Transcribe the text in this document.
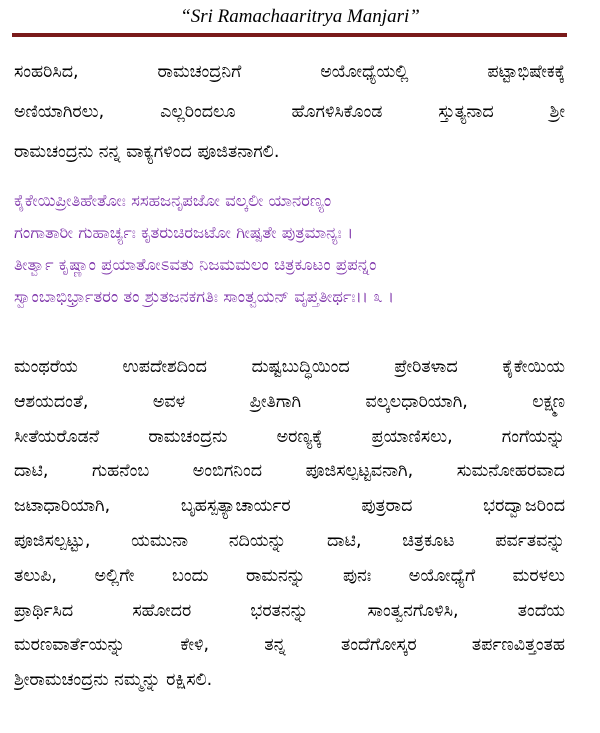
“Sri Ramachaaritrya Manjari”
ಸಂಹರಿಸಿದ, ರಾಮಚಂದ್ರನಿಗೆ ಅಯೋಧ್ಯೆಯಲ್ಲಿ ಪಟ್ಟಾಭಿಷೇಕಕ್ಕೆ
ಅಣಿಯಾಗಿರಲು, ಎಲ್ಲರಿಂದಲೂ ಹೊಗಳಿಸಿಕೊಂಡ ಸ್ತುತ್ಯನಾದ ಶ್ರೀ
ರಾಮಚಂದ್ರನು ನನ್ನ ವಾಕ್ಯಗಳಿಂದ ಪೂಜಿತನಾಗಲಿ.
ಕೈಕೇಯಿಪ್ರೀತಿಹೇತೋಃ ಸಸಹಜನೃಪಜೋ ವಲ್ಕಲೀ ಯಾನರಣ್ಯಂ
ಗಂಗಾತಾರೀ ಗುಹಾರ್ಚ್ಯಃ ಕೃತರುಚಿರಜಟೋ ಗೀಷ್ಪತೇ ಪುತ್ರಮಾನ್ಯಃ ।
ತೀರ್ತ್ವಾ ಕೃಷ್ಣಾಂ ಪ್ರಯಾತೋಽವತು ನಿಜಮಮಲಂ ಚಿತ್ರಕೂಟಂ ಪ್ರಪನ್ನಂ
ಸ್ವಾಂಬಾಭಿರ್ಭ್ರಾತರಂ ತಂ ಶ್ರುತಜನಕಗತಿಃ ಸಾಂತ್ವಯನ್ ವೃಪ್ತತೀರ್ಥಃ।। ೩ ।
ಮಂಥರೆಯ ಉಪದೇಶದಿಂದ ದುಷ್ಟಬುದ್ಧಿಯಿಂದ ಪ್ರೇರಿತಳಾದ ಕೈಕೇಯಿಯ
ಆಶಯದಂತೆ, ಅವಳ ಪ್ರೀತಿಗಾಗಿ ವಲ್ಕಲಧಾರಿಯಾಗಿ, ಲಕ್ಷ್ಮಣ
ಸೀತೆಯರೊಡನೆ ರಾಮಚಂದ್ರನು ಅರಣ್ಯಕ್ಕೆ ಪ್ರಯಾಣಿಸಲು, ಗಂಗೆಯನ್ನು
ದಾಟಿ, ಗುಹನೆಂಬ ಅಂಬಿಗನಿಂದ ಪೂಜಿಸಲ್ಪಟ್ಟವನಾಗಿ, ಸುಮನೋಹರವಾದ
ಜಟಾಧಾರಿಯಾಗಿ, ಬೃಹಸ್ಪತ್ಯಾಚಾರ್ಯರ ಪುತ್ರರಾದ ಭರದ್ವಾಜರಿಂದ
ಪೂಜಿಸಲ್ಪಟ್ಟು, ಯಮುನಾ ನದಿಯನ್ನು ದಾಟಿ, ಚಿತ್ರಕೂಟ ಪರ್ವತವನ್ನು
ತಲುಪಿ, ಅಲ್ಲಿಗೇ ಬಂದು ರಾಮನನ್ನು ಪುನಃ ಅಯೋಧ್ಯೆಗೆ ಮರಳಲು
ಪ್ರಾರ್ಥಿಸಿದ ಸಹೋದರ ಭರತನನ್ನು ಸಾಂತ್ವನಗೊಳಿಸಿ, ತಂದೆಯ
ಮರಣವಾರ್ತೆಯನ್ನು ಕೇಳಿ, ತನ್ನ ತಂದೆಗೋಸ್ಕರ ತರ್ಪಣವಿತ್ತಂತಹ
ಶ್ರೀರಾಮಚಂದ್ರನು ನಮ್ಮನ್ನು ರಕ್ಷಿಸಲಿ.
